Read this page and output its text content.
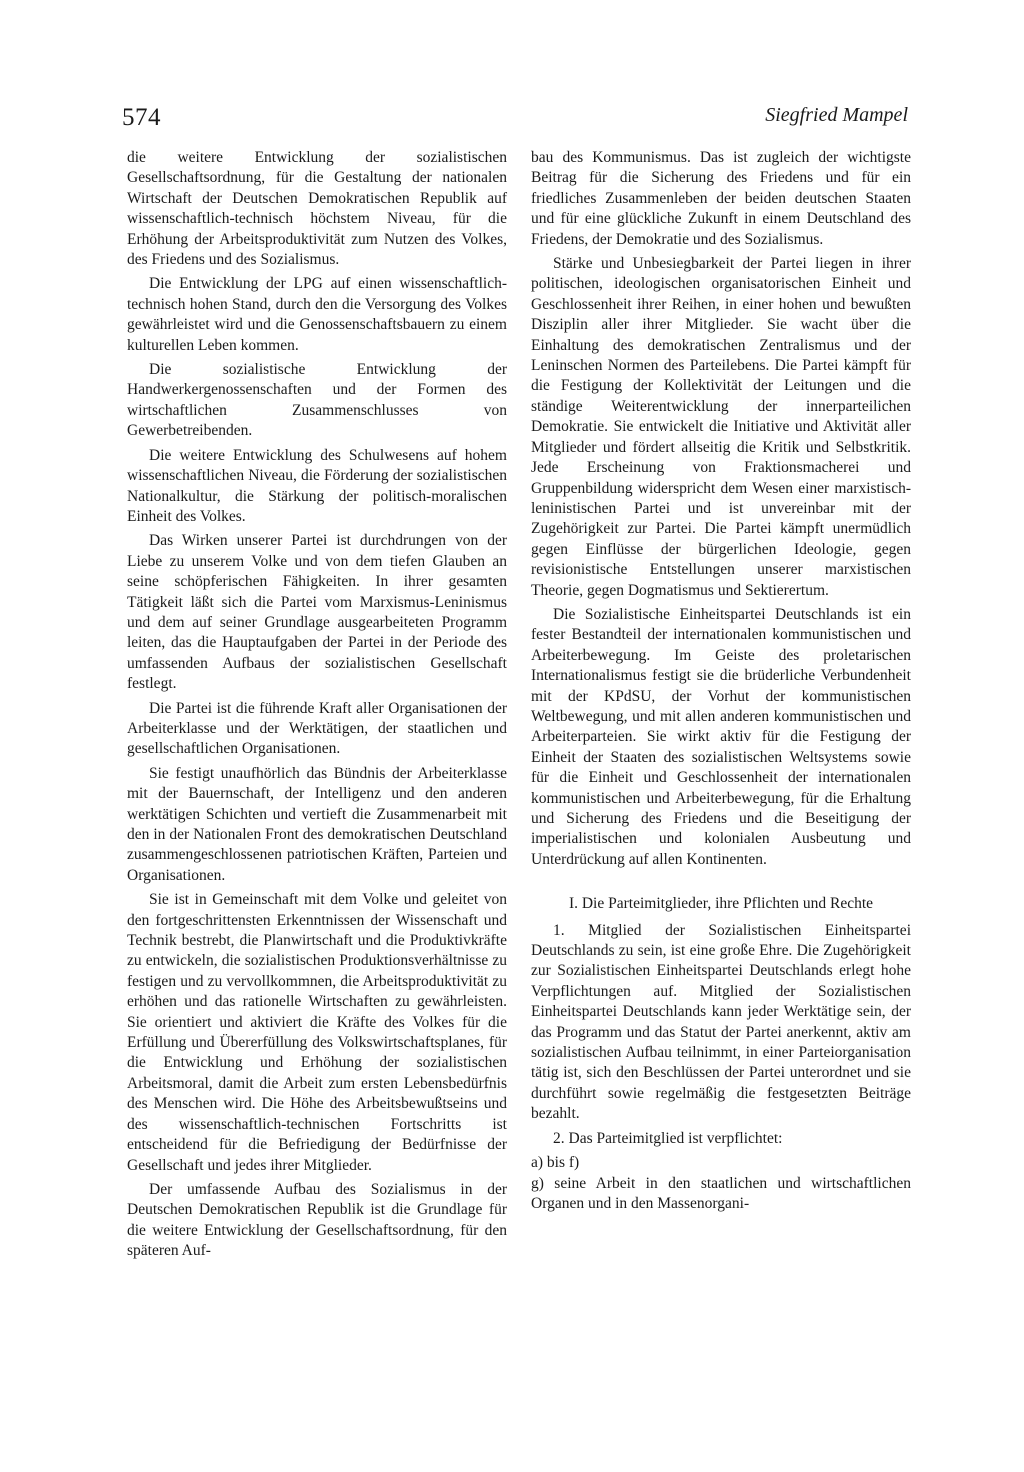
574	Siegfried Mampel

die weitere Entwicklung der sozialistischen Gesellschaftsordnung, für die Gestaltung der nationalen Wirtschaft der Deutschen Demokratischen Republik auf wissenschaftlich-technisch höchstem Niveau, für die Erhöhung der Arbeitsproduktivität zum Nutzen des Volkes, des Friedens und des Sozialismus.

Die Entwicklung der LPG auf einen wissenschaftlich-technisch hohen Stand, durch den die Versorgung des Volkes gewährleistet wird und die Genossenschaftsbauern zu einem kulturellen Leben kommen.

Die sozialistische Entwicklung der Handwerkergenossenschaften und der Formen des wirtschaftlichen Zusammenschlusses von Gewerbetreibenden.

Die weitere Entwicklung des Schulwesens auf hohem wissenschaftlichen Niveau, die Förderung der sozialistischen Nationalkultur, die Stärkung der politisch-moralischen Einheit des Volkes.

Das Wirken unserer Partei ist durchdrungen von der Liebe zu unserem Volke und von dem tiefen Glauben an seine schöpferischen Fähigkeiten. In ihrer gesamten Tätigkeit läßt sich die Partei vom Marxismus-Leninismus und dem auf seiner Grundlage ausgearbeiteten Programm leiten, das die Hauptaufgaben der Partei in der Periode des umfassenden Aufbaus der sozialistischen Gesellschaft festlegt.

Die Partei ist die führende Kraft aller Organisationen der Arbeiterklasse und der Werktätigen, der staatlichen und gesellschaftlichen Organisationen.

Sie festigt unaufhörlich das Bündnis der Arbeiterklasse mit der Bauernschaft, der Intelligenz und den anderen werktätigen Schichten und vertieft die Zusammenarbeit mit den in der Nationalen Front des demokratischen Deutschland zusammengeschlossenen patriotischen Kräften, Parteien und Organisationen.

Sie ist in Gemeinschaft mit dem Volke und geleitet von den fortgeschrittensten Erkenntnissen der Wissenschaft und Technik bestrebt, die Planwirtschaft und die Produktivkräfte zu entwickeln, die sozialistischen Produktionsverhältnisse zu festigen und zu vervollkommnen, die Arbeitsproduktivität zu erhöhen und das rationelle Wirtschaften zu gewährleisten. Sie orientiert und aktiviert die Kräfte des Volkes für die Erfüllung und Übererfüllung des Volkswirtschaftsplanes, für die Entwicklung und Erhöhung der sozialistischen Arbeitsmoral, damit die Arbeit zum ersten Lebensbedürfnis des Menschen wird. Die Höhe des Arbeitsbewußtseins und des wissenschaftlich-technischen Fortschritts ist entscheidend für die Befriedigung der Bedürfnisse der Gesellschaft und jedes ihrer Mitglieder.

Der umfassende Aufbau des Sozialismus in der Deutschen Demokratischen Republik ist die Grundlage für die weitere Entwicklung der Gesellschaftsordnung, für den späteren Auf-

bau des Kommunismus. Das ist zugleich der wichtigste Beitrag für die Sicherung des Friedens und für ein friedliches Zusammenleben der beiden deutschen Staaten und für eine glückliche Zukunft in einem Deutschland des Friedens, der Demokratie und des Sozialismus.

Stärke und Unbesiegbarkeit der Partei liegen in ihrer politischen, ideologischen organisatorischen Einheit und Geschlossenheit ihrer Reihen, in einer hohen und bewußten Disziplin aller ihrer Mitglieder. Sie wacht über die Einhaltung des demokratischen Zentralismus und der Leninschen Normen des Parteilebens. Die Partei kämpft für die Festigung der Kollektivität der Leitungen und die ständige Weiterentwicklung der innerparteilichen Demokratie. Sie entwickelt die Initiative und Aktivität aller Mitglieder und fördert allseitig die Kritik und Selbstkritik. Jede Erscheinung von Fraktionsmacherei und Gruppenbildung widerspricht dem Wesen einer marxistisch-leninistischen Partei und ist unvereinbar mit der Zugehörigkeit zur Partei. Die Partei kämpft unermüdlich gegen Einflüsse der bürgerlichen Ideologie, gegen revisionistische Entstellungen unserer marxistischen Theorie, gegen Dogmatismus und Sektierertum.

Die Sozialistische Einheitspartei Deutschlands ist ein fester Bestandteil der internationalen kommunistischen und Arbeiterbewegung. Im Geiste des proletarischen Internationalismus festigt sie die brüderliche Verbundenheit mit der KPdSU, der Vorhut der kommunistischen Weltbewegung, und mit allen anderen kommunistischen und Arbeiterparteien. Sie wirkt aktiv für die Festigung der Einheit der Staaten des sozialistischen Weltsystems sowie für die Einheit und Geschlossenheit der internationalen kommunistischen und Arbeiterbewegung, für die Erhaltung und Sicherung des Friedens und die Beseitigung der imperialistischen und kolonialen Ausbeutung und Unterdrückung auf allen Kontinenten.

I. Die Parteimitglieder, ihre Pflichten und Rechte

1. Mitglied der Sozialistischen Einheitspartei Deutschlands zu sein, ist eine große Ehre. Die Zugehörigkeit zur Sozialistischen Einheitspartei Deutschlands erlegt hohe Verpflichtungen auf. Mitglied der Sozialistischen Einheitspartei Deutschlands kann jeder Werktätige sein, der das Programm und das Statut der Partei anerkennt, aktiv am sozialistischen Aufbau teilnimmt, in einer Parteiorganisation tätig ist, sich den Beschlüssen der Partei unterordnet und sie durchführt sowie regelmäßig die festgesetzten Beiträge bezahlt.

2. Das Parteimitglied ist verpflichtet:

a) bis f)

g) seine Arbeit in den staatlichen und wirtschaftlichen Organen und in den Massenorgani-
